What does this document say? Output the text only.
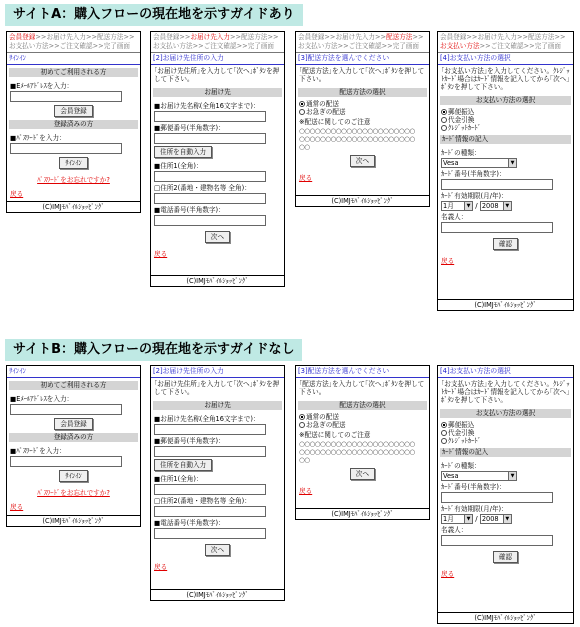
サイトA：購入フローの現在地を示すガイドあり
会員登録>>お届け先入力>>配送方法>>お支払い方法>>ご注文確認>>完了画面
ｻｲﾝｲﾝ
初めてご利用される方
■Eﾒｰﾙｱﾄﾞﾚｽを入力：
会員登録
登録済みの方
■ﾊﾟｽﾜｰﾄﾞを入力：
ｻｲﾝｲﾝ
ﾊﾟｽﾜｰﾄﾞをお忘れですか?
戻る
(C)IMJﾓﾊﾞｲﾙｼｮｯﾋﾟﾝｸﾞ
会員登録>>お届け先入力>>配送方法>>お支払い方法>>ご注文確認>>完了画面
[2]お届け先住所の入力
｢お届け先住所｣を入力して｢次へ｣ﾎﾞﾀﾝを押して下さい。
お届け先
■お届け先名称(全角16文字まで)：
■郵便番号(半角数字)：
住所を自動入力
■住所1(全角)：
□住所2(番地・建物名等 全角)：
■電話番号(半角数字)：
次へ
戻る
(C)IMJﾓﾊﾞｲﾙｼｮｯﾋﾟﾝｸﾞ
会員登録>>お届け先入力>>配送方法>>お支払い方法>>ご注文確認>>完了画面
[3]配送方法を選んでください
｢配送方法｣を入力して｢次へ｣ﾎﾞﾀﾝを押して下さい。
配送方法の選択
通常の配送
お急ぎの配送
※配送に関してのご注意
○○○○○○○○○○○○○○○○○○○○○○
○○○○○○○○○○○○○○○○○○○○○○
○○
次へ
戻る
(C)IMJﾓﾊﾞｲﾙｼｮｯﾋﾟﾝｸﾞ
会員登録>>お届け先入力>>配送方法>>お支払い方法>>ご注文確認>>完了画面
[4]お支払い方法の選択
｢お支払い方法｣を入力してください。ｸﾚｼﾞｯﾄｶｰﾄﾞ場合はｶｰﾄﾞ情報を記入してから｢次へ｣ﾎﾞﾀﾝを押して下さい。
お支払い方法の選択
郵便振込
代金引換
ｸﾚｼﾞｯﾄｶｰﾄﾞ
ｶｰﾄﾞ情報の記入
ｶｰﾄﾞの種類：
▼
Vesa
ｶｰﾄﾞ番号(半角数字)：
ｶｰﾄﾞ有効期限(月/年)：
▼
1月	/	▼
2008
名義人：
確認
戻る
(C)IMJﾓﾊﾞｲﾙｼｮｯﾋﾟﾝｸﾞ
サイトB：購入フローの現在地を示すガイドなし
ｻｲﾝｲﾝ
初めてご利用される方
■Eﾒｰﾙｱﾄﾞﾚｽを入力：
会員登録
登録済みの方
■ﾊﾟｽﾜｰﾄﾞを入力：
ｻｲﾝｲﾝ
ﾊﾟｽﾜｰﾄﾞをお忘れですか?
戻る
(C)IMJﾓﾊﾞｲﾙｼｮｯﾋﾟﾝｸﾞ
[2]お届け先住所の入力
｢お届け先住所｣を入力して｢次へ｣ﾎﾞﾀﾝを押して下さい。
お届け先
■お届け先名称(全角16文字まで)：
■郵便番号(半角数字)：
住所を自動入力
■住所1(全角)：
□住所2(番地・建物名等 全角)：
■電話番号(半角数字)：
次へ
戻る
(C)IMJﾓﾊﾞｲﾙｼｮｯﾋﾟﾝｸﾞ
[3]配送方法を選んでください
｢配送方法｣を入力して｢次へ｣ﾎﾞﾀﾝを押して下さい。
配送方法の選択
通常の配送
お急ぎの配送
※配送に関してのご注意
○○○○○○○○○○○○○○○○○○○○○○
○○○○○○○○○○○○○○○○○○○○○○
○○
次へ
戻る
(C)IMJﾓﾊﾞｲﾙｼｮｯﾋﾟﾝｸﾞ
[4]お支払い方法の選択
｢お支払い方法｣を入力してください。ｸﾚｼﾞｯﾄｶｰﾄﾞ場合はｶｰﾄﾞ情報を記入してから｢次へ｣ﾎﾞﾀﾝを押して下さい。
お支払い方法の選択
郵便振込
代金引換
ｸﾚｼﾞｯﾄｶｰﾄﾞ
ｶｰﾄﾞ情報の記入
ｶｰﾄﾞの種類：
▼
Vesa
ｶｰﾄﾞ番号(半角数字)：
ｶｰﾄﾞ有効期限(月/年)：
▼
1月	/	▼
2008
名義人：
確認
戻る
(C)IMJﾓﾊﾞｲﾙｼｮｯﾋﾟﾝｸﾞ
